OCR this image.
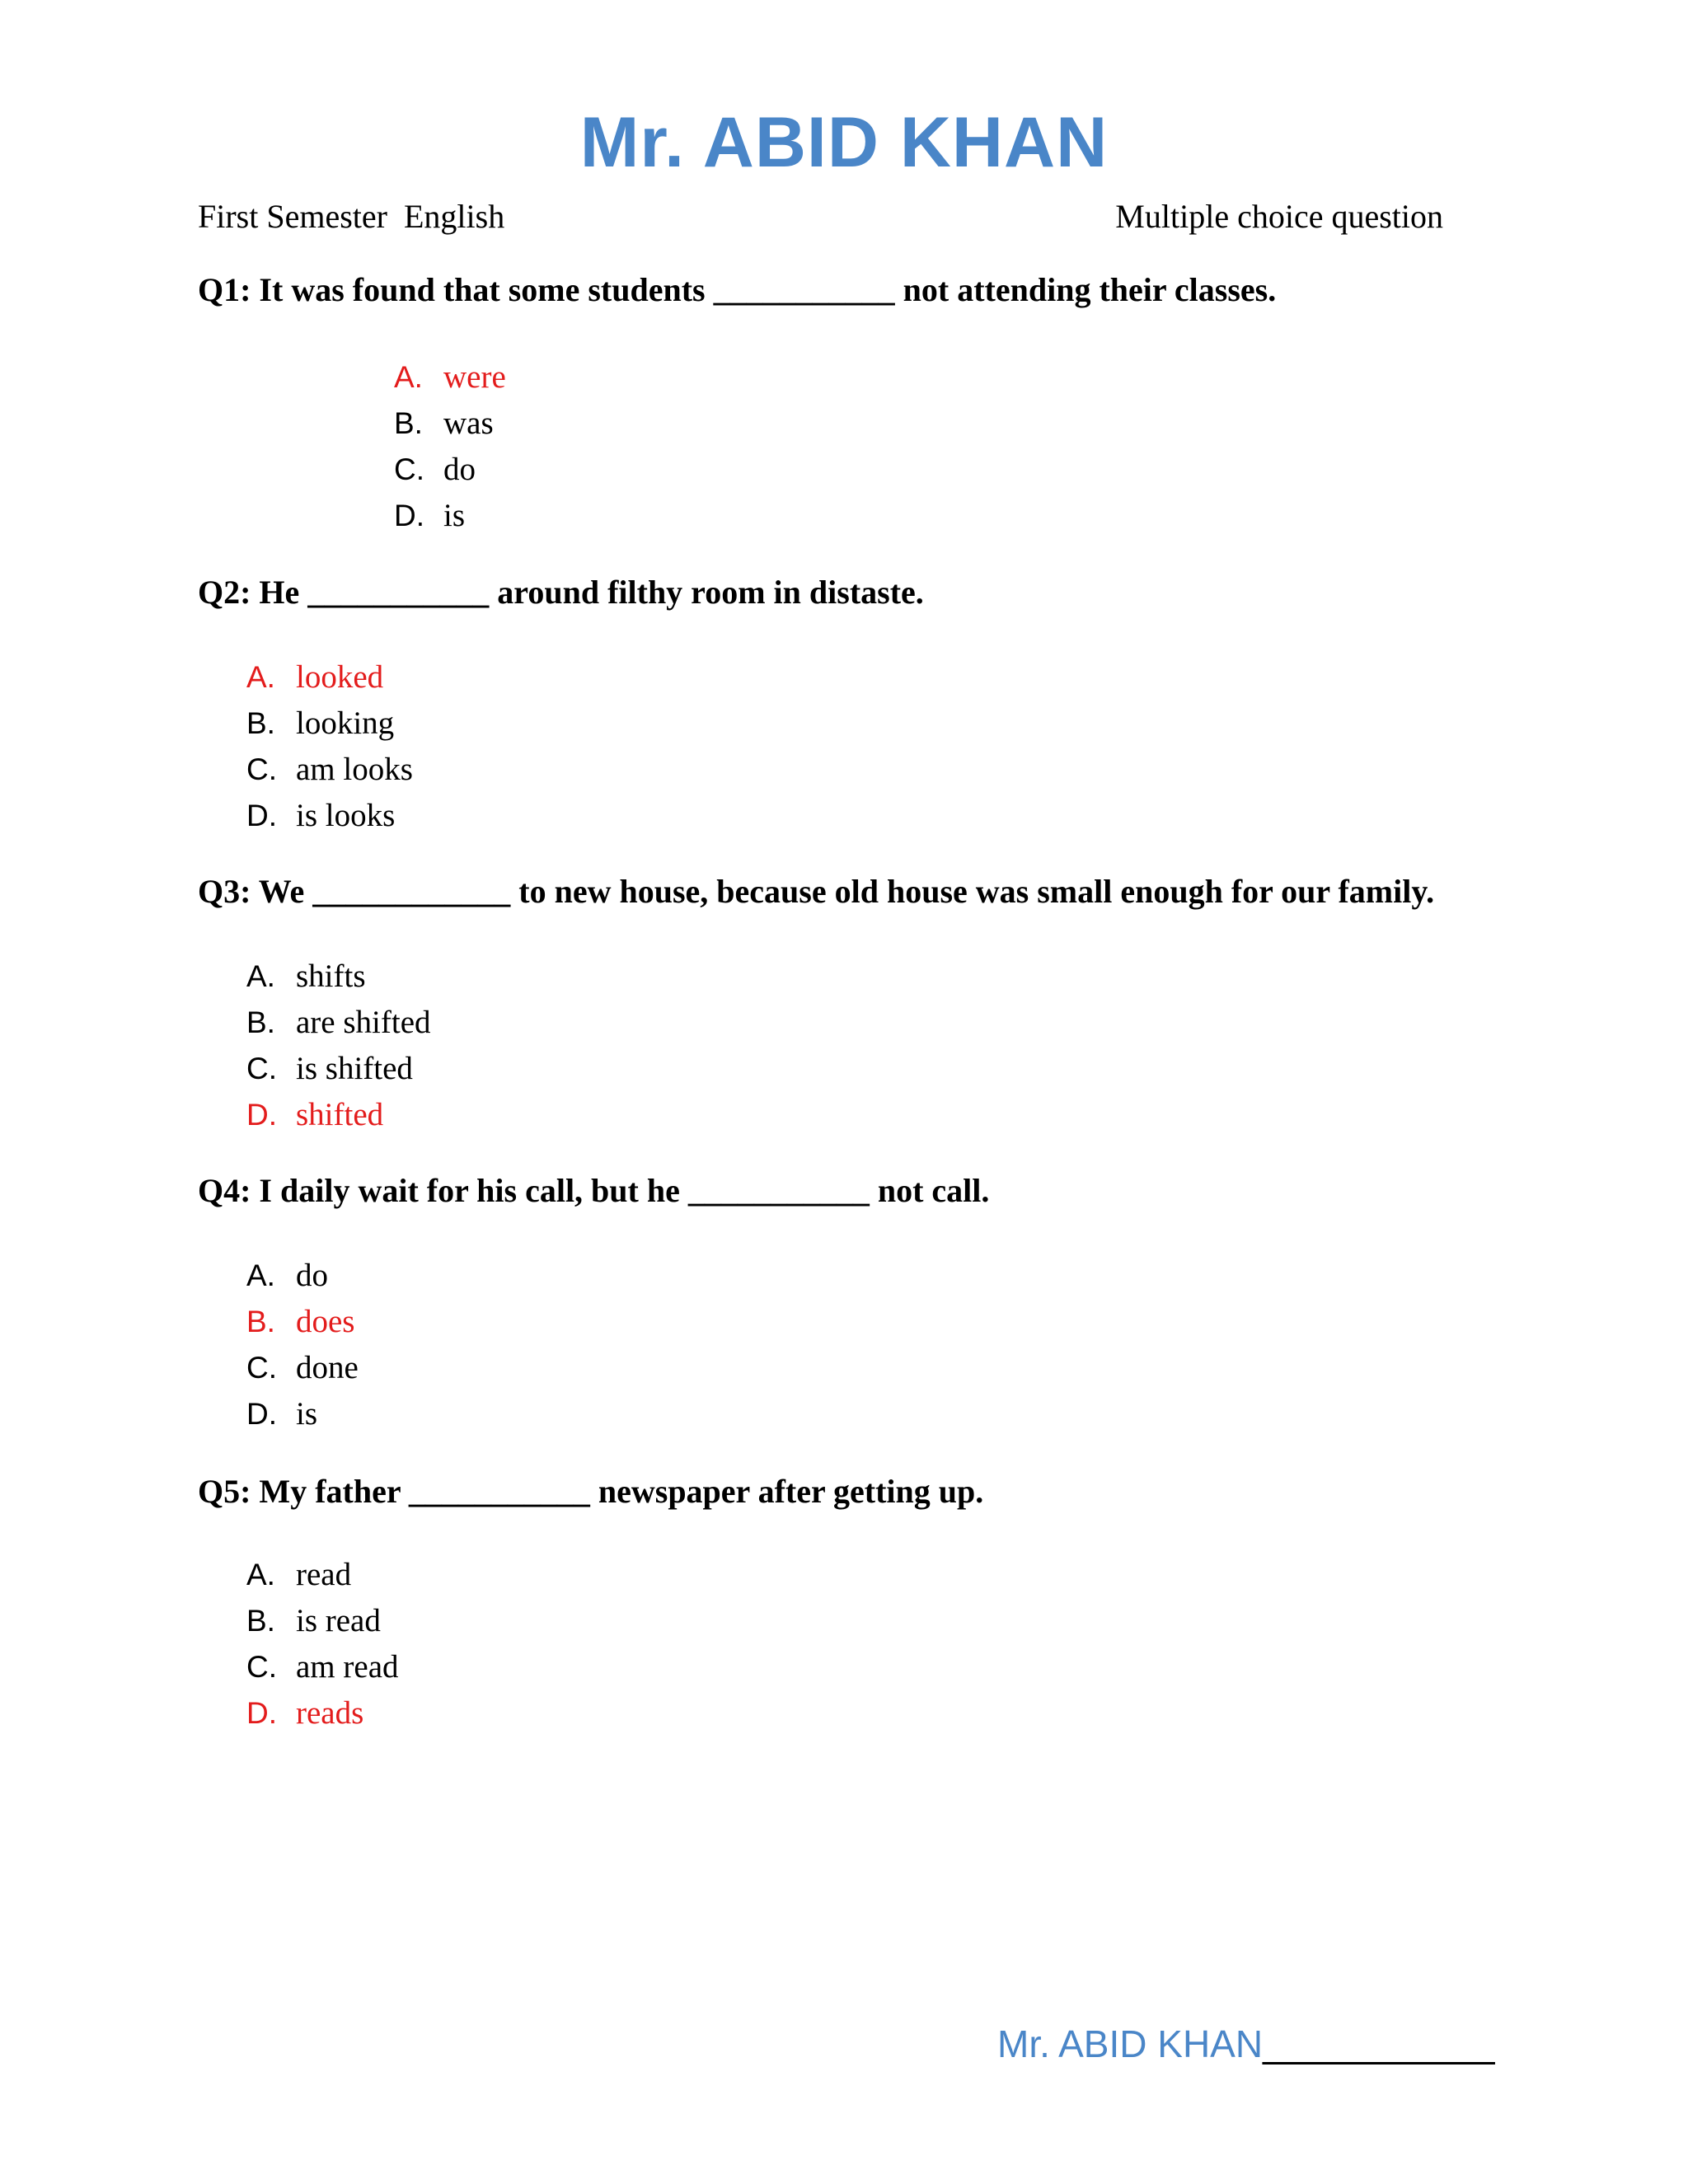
Mr. ABID KHAN
First Semester  English	Multiple choice question
Q1: It was found that some students ___________ not attending their classes.
A. were
B. was
C. do
D. is
Q2: He ___________ around filthy room in distaste.
A. looked
B. looking
C. am looks
D. is looks
Q3: We ____________ to new house, because old house was small enough for our family.
A. shifts
B. are shifted
C. is shifted
D. shifted
Q4: I daily wait for his call, but he ___________ not call.
A. do
B. does
C. done
D. is
Q5: My father ___________ newspaper after getting up.
A. read
B. is read
C. am read
D. reads
Mr. ABID KHAN___________
